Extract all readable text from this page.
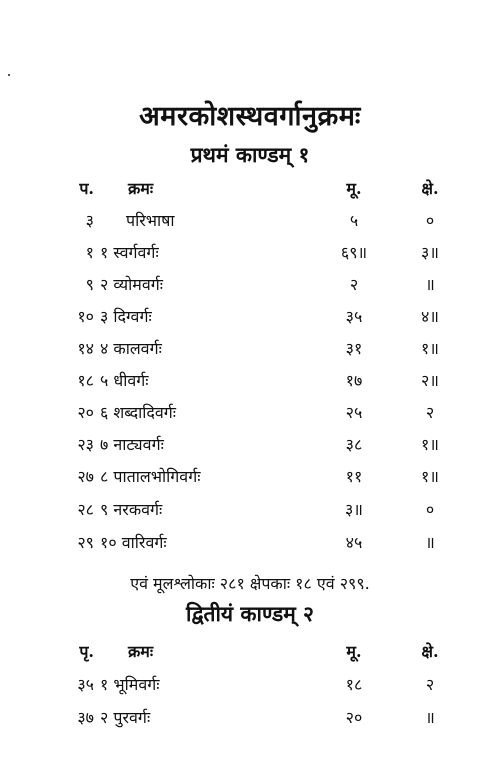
अमरकोशस्थवर्गानुक्रमः
प्रथमं काण्डम् १
प. क्रमः	मू.	क्षे.
३ परिभाषा	५	०
१ १ स्वर्गवर्गः	६९॥	३॥
९ २ व्योमवर्गः	२	॥
१० ३ दिग्वर्गः	३५	४॥
१४ ४ कालवर्गः	३१	१॥
१८ ५ धीवर्गः	१७	२॥
२० ६ शब्दादिवर्गः	२५	२
२३ ७ नाट्यवर्गः	३८	१॥
२७ ८ पातालभोगिवर्गः	११	१॥
२८ ९ नरकवर्गः	३॥	०
२९ १० वारिवर्गः	४५	॥
एवं मूलश्लोकाः २८१ क्षेपकाः १८ एवं २९९.
द्वितीयं काण्डम् २
पृ. क्रमः	मू.	क्षे.
३५ १ भूमिवर्गः	१८	२
३७ २ पुरवर्गः	२०	॥
